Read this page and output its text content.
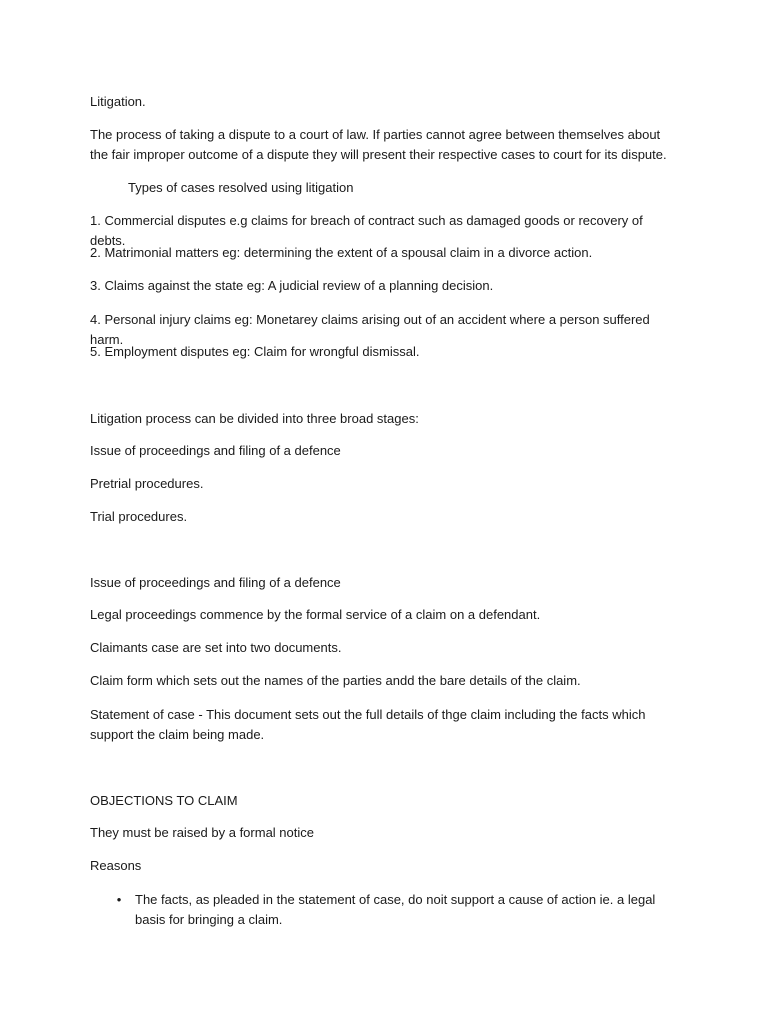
Litigation.

The process of taking a dispute to a court of law. If parties cannot agree between themselves about the fair improper outcome of a dispute they will present their respective cases to court for its dispute.

Types of cases resolved using litigation

1. Commercial disputes e.g claims for breach of contract such as damaged goods or recovery of debts.

2. Matrimonial matters eg: determining the extent of a spousal claim in a divorce action.

3. Claims against the state eg: A judicial review of a planning decision.

4. Personal injury claims eg: Monetarey claims arising out of an accident where a person suffered harm.

5. Employment disputes eg: Claim for wrongful dismissal.

Litigation process can be divided into three broad stages:

Issue of proceedings and filing of a defence

Pretrial procedures.

Trial procedures.

Issue of proceedings and filing of a defence

Legal proceedings commence by the formal service of a claim on a defendant.

Claimants case are set into two documents.

Claim form which sets out the names of the parties andd the bare details of the claim.

Statement of case - This document sets out the full details of thge claim including the facts which support the claim being made.

OBJECTIONS TO CLAIM

They must be raised by a formal notice

Reasons

• The facts, as pleaded in the statement of case, do noit support a cause of action ie. a legal basis for bringing a claim.
